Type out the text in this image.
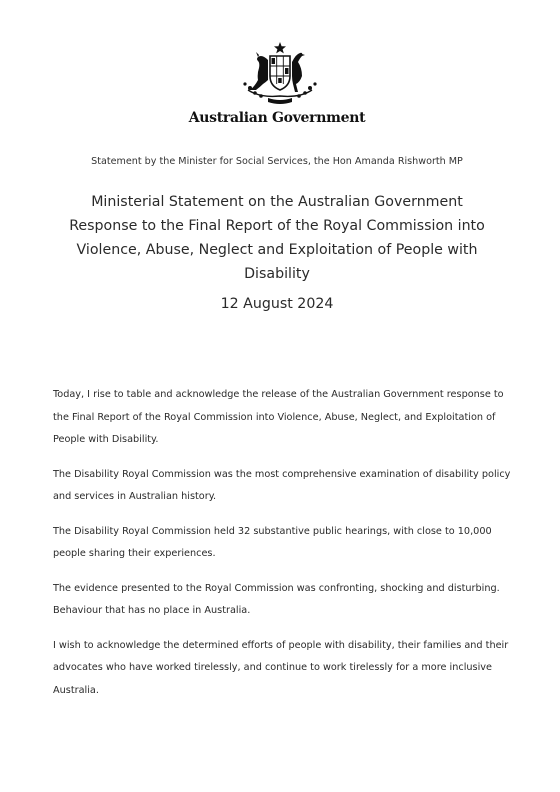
Australian Government
Statement by the Minister for Social Services, the Hon Amanda Rishworth MP
Ministerial Statement on the Australian Government Response to the Final Report of the Royal Commission into Violence, Abuse, Neglect and Exploitation of People with Disability
12 August 2024

Today, I rise to table and acknowledge the release of the Australian Government response to the Final Report of the Royal Commission into Violence, Abuse, Neglect, and Exploitation of People with Disability.

The Disability Royal Commission was the most comprehensive examination of disability policy and services in Australian history.

The Disability Royal Commission held 32 substantive public hearings, with close to 10,000 people sharing their experiences.

The evidence presented to the Royal Commission was confronting, shocking and disturbing. Behaviour that has no place in Australia.

I wish to acknowledge the determined efforts of people with disability, their families and their advocates who have worked tirelessly, and continue to work tirelessly for a more inclusive Australia.
